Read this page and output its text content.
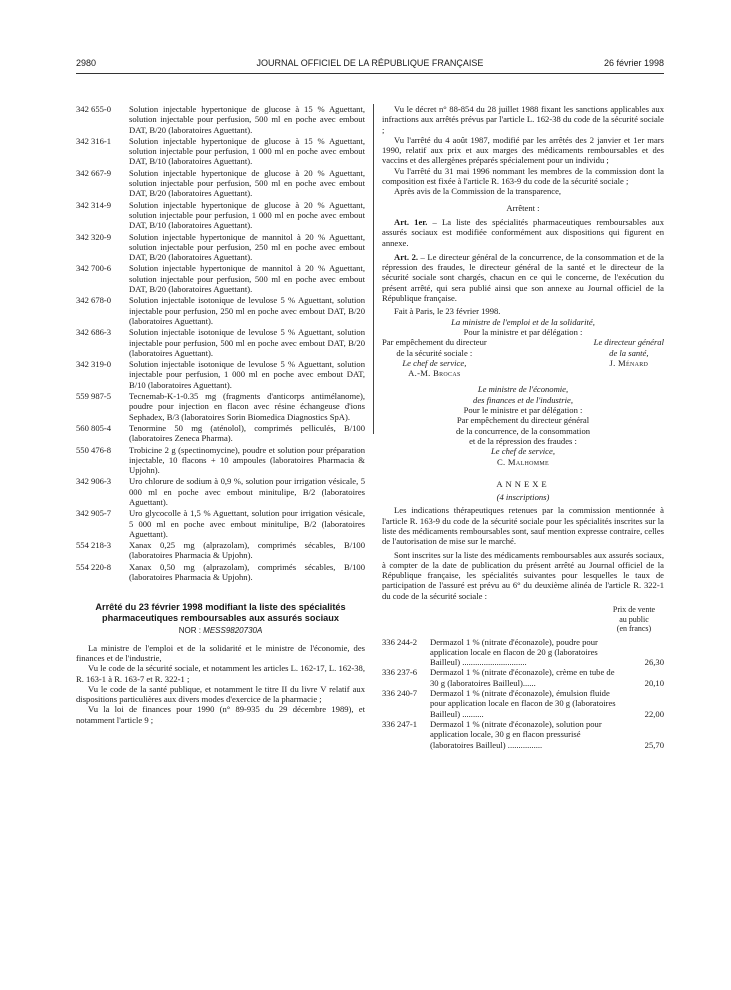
2980	JOURNAL OFFICIEL DE LA RÉPUBLIQUE FRANÇAISE	26 février 1998
342 655-0	Solution injectable hypertonique de glucose à 15 % Aguettant, solution injectable pour perfusion, 500 ml en poche avec embout DAT, B/20 (laboratoires Aguettant).
342 316-1	Solution injectable hypertonique de glucose à 15 % Aguettant, solution injectable pour perfusion, 1 000 ml en poche avec embout DAT, B/10 (laboratoires Aguettant).
342 667-9	Solution injectable hypertonique de glucose à 20 % Aguettant, solution injectable pour perfusion, 500 ml en poche avec embout DAT, B/20 (laboratoires Aguettant).
342 314-9	Solution injectable hypertonique de glucose à 20 % Aguettant, solution injectable pour perfusion, 1 000 ml en poche avec embout DAT, B/10 (laboratoires Aguettant).
342 320-9	Solution injectable hypertonique de mannitol à 20 % Aguettant, solution injectable pour perfusion, 250 ml en poche avec embout DAT, B/20 (laboratoires Aguettant).
342 700-6	Solution injectable hypertonique de mannitol à 20 % Aguettant, solution injectable pour perfusion, 500 ml en poche avec embout DAT, B/20 (laboratoires Aguettant).
342 678-0	Solution injectable isotonique de levulose 5 % Aguettant, solution injectable pour perfusion, 250 ml en poche avec embout DAT, B/20 (laboratoires Aguettant).
342 686-3	Solution injectable isotonique de levulose 5 % Aguettant, solution injectable pour perfusion, 500 ml en poche avec embout DAT, B/20 (laboratoires Aguettant).
342 319-0	Solution injectable isotonique de levulose 5 % Aguettant, solution injectable pour perfusion, 1 000 ml en poche avec embout DAT, B/10 (laboratoires Aguettant).
559 987-5	Tecnemab-K-1-0.35 mg (fragments d'anticorps antimélanome), poudre pour injection en flacon avec résine échangeuse d'ions Sephadex, B/3 (laboratoires Sorin Biomedica Diagnostics SpA).
560 805-4	Tenormine 50 mg (aténolol), comprimés pelliculés, B/100 (laboratoires Zeneca Pharma).
550 476-8	Trobicine 2 g (spectinomycine), poudre et solution pour préparation injectable, 10 flacons + 10 ampoules (laboratoires Pharmacia & Upjohn).
342 906-3	Uro chlorure de sodium à 0,9 %, solution pour irrigation vésicale, 5 000 ml en poche avec embout minitulipe, B/2 (laboratoires Aguettant).
342 905-7	Uro glycocolle à 1,5 % Aguettant, solution pour irrigation vésicale, 5 000 ml en poche avec embout minitulipe, B/2 (laboratoires Aguettant).
554 218-3	Xanax 0,25 mg (alprazolam), comprimés sécables, B/100 (laboratoires Pharmacia & Upjohn).
554 220-8	Xanax 0,50 mg (alprazolam), comprimés sécables, B/100 (laboratoires Pharmacia & Upjohn).
Arrêté du 23 février 1998 modifiant la liste des spécialités pharmaceutiques remboursables aux assurés sociaux
NOR : MESS9820730A

La ministre de l'emploi et de la solidarité et le ministre de l'économie, des finances et de l'industrie,

Vu le code de la sécurité sociale, et notamment les articles L. 162-17, L. 162-38, R. 163-1 à R. 163-7 et R. 322-1 ;

Vu le code de la santé publique, et notamment le titre II du livre V relatif aux dispositions particulières aux divers modes d'exercice de la pharmacie ;

Vu la loi de finances pour 1990 (n° 89-935 du 29 décembre 1989), et notamment l'article 9 ;

Vu le décret n° 88-854 du 28 juillet 1988 fixant les sanctions applicables aux infractions aux arrêtés prévus par l'article L. 162-38 du code de la sécurité sociale ;

Vu l'arrêté du 4 août 1987, modifié par les arrêtés des 2 janvier et 1er mars 1990, relatif aux prix et aux marges des médicaments remboursables et des vaccins et des allergènes préparés spécialement pour un individu ;

Vu l'arrêté du 31 mai 1996 nommant les membres de la commission dont la composition est fixée à l'article R. 163-9 du code de la sécurité sociale ;

Après avis de la Commission de la transparence,

Arrêtent :

Art. 1er. – La liste des spécialités pharmaceutiques remboursables aux assurés sociaux est modifiée conformément aux dispositions qui figurent en annexe.

Art. 2. – Le directeur général de la concurrence, de la consommation et de la répression des fraudes, le directeur général de la santé et le directeur de la sécurité sociale sont chargés, chacun en ce qui le concerne, de l'exécution du présent arrêté, qui sera publié ainsi que son annexe au Journal officiel de la République française.

Fait à Paris, le 23 février 1998.

La ministre de l'emploi et de la solidarité,
Pour la ministre et par délégation :
Par empêchement du directeur
de la sécurité sociale :
Le chef de service,
A.-M. Brocas
Le directeur général
de la santé,
J. Ménard
Le ministre de l'économie,
des finances et de l'industrie,
Pour le ministre et par délégation :
Par empêchement du directeur général
de la concurrence, de la consommation
et de la répression des fraudes :
Le chef de service,
C. Malhomme
ANNEXE
(4 inscriptions)

Les indications thérapeutiques retenues par la commission mentionnée à l'article R. 163-9 du code de la sécurité sociale pour les spécialités inscrites sur la liste des médicaments remboursables sont, sauf mention expresse contraire, celles de l'autorisation de mise sur le marché.

Sont inscrites sur la liste des médicaments remboursables aux assurés sociaux, à compter de la date de publication du présent arrêté au Journal officiel de la République française, les spécialités suivantes pour lesquelles le taux de participation de l'assuré est prévu au 6° du deuxième alinéa de l'article R. 322-1 du code de la sécurité sociale :

Prix de vente
au public
(en francs)
336 244-2	Dermazol 1 % (nitrate d'éconazole), poudre pour application locale en flacon de 20 g (laboratoires Bailleul) ..............................	26,30
336 237-6	Dermazol 1 % (nitrate d'éconazole), crème en tube de 30 g (laboratoires Bailleul)......	20,10
336 240-7	Dermazol 1 % (nitrate d'éconazole), émulsion fluide pour application locale en flacon de 30 g (laboratoires Bailleul) ..........	22,00
336 247-1	Dermazol 1 % (nitrate d'éconazole), solution pour application locale, 30 g en flacon pressurisé (laboratoires Bailleul) ................	25,70
